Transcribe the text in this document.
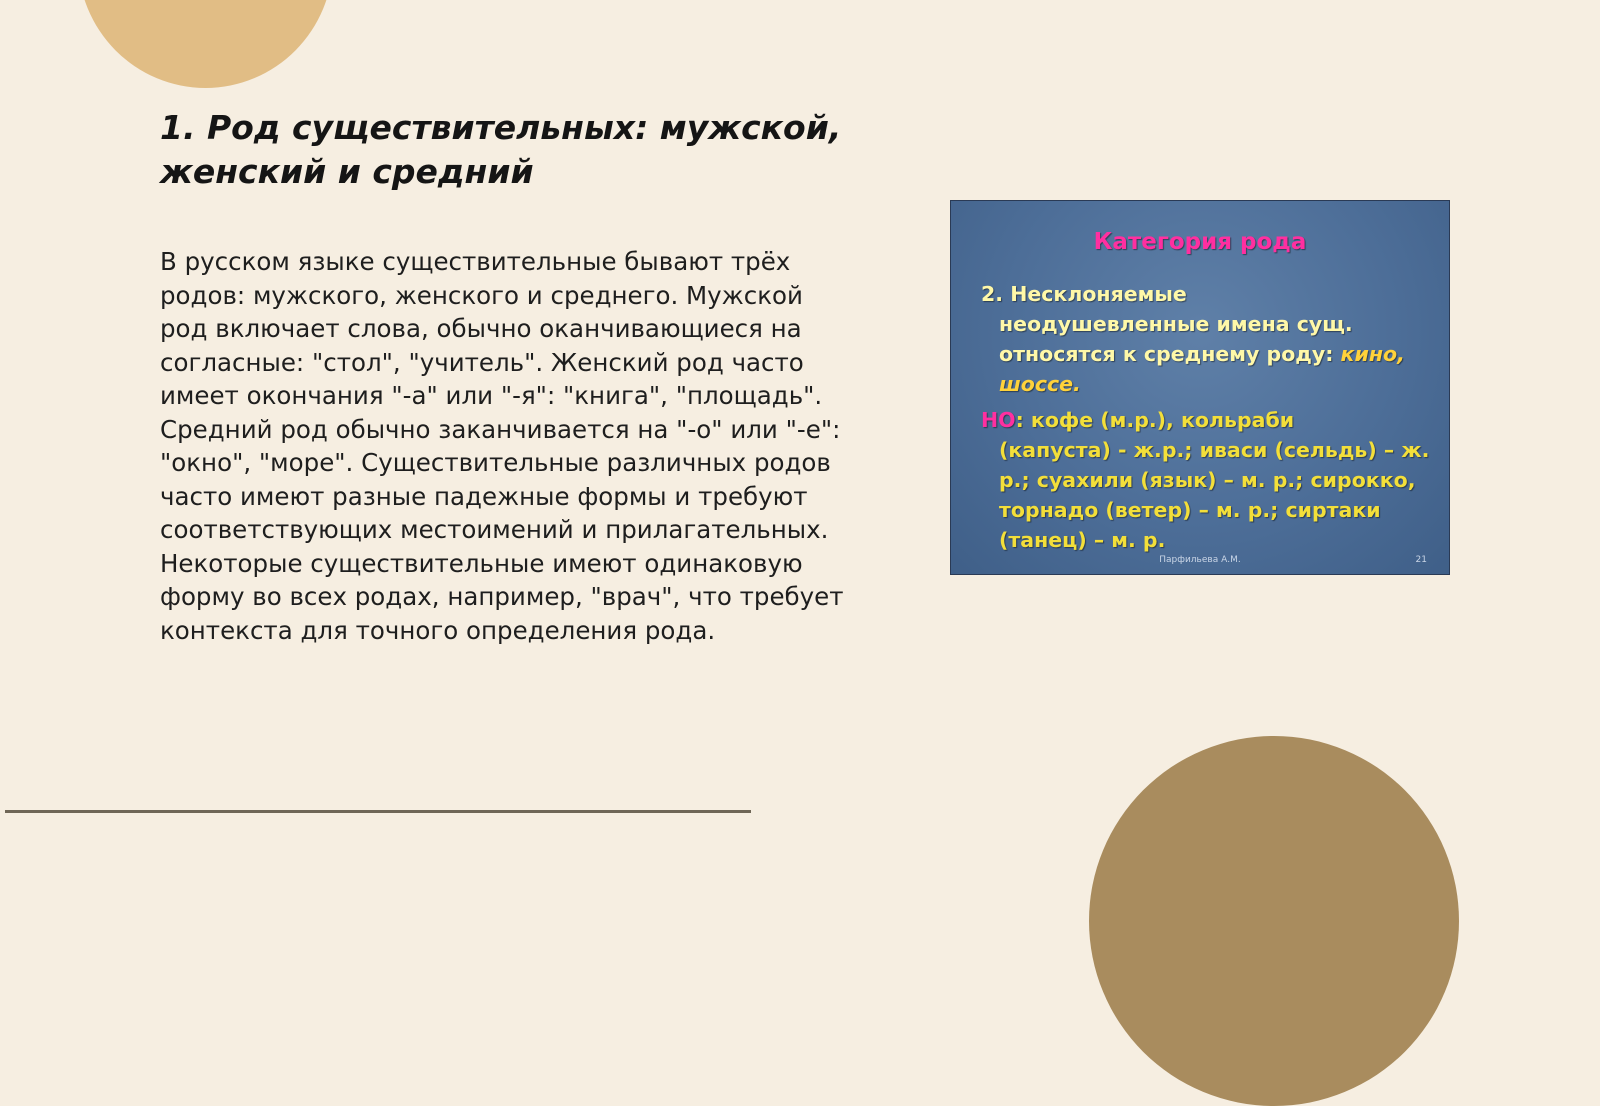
1. Род существительных: мужской, женский и средний

В русском языке существительные бывают трёх родов: мужского, женского и среднего. Мужской род включает слова, обычно оканчивающиеся на согласные: "стол", "учитель". Женский род часто имеет окончания "-а" или "-я": "книга", "площадь". Средний род обычно заканчивается на "-о" или "-е": "окно", "море". Существительные различных родов часто имеют разные падежные формы и требуют соответствующих местоимений и прилагательных. Некоторые существительные имеют одинаковую форму во всех родах, например, "врач", что требует контекста для точного определения рода.

Категория рода
2. Несклоняемые
неодушевленные имена сущ. относятся к среднему роду: кино, шоссе.
НО: кофе (м.р.), кольраби
(капуста) - ж.р.; иваси (сельдь) – ж. р.; суахили (язык) – м. р.; сирокко, торнадо (ветер) – м. р.; сиртаки (танец) – м. р.
Парфильева А.М.	21
